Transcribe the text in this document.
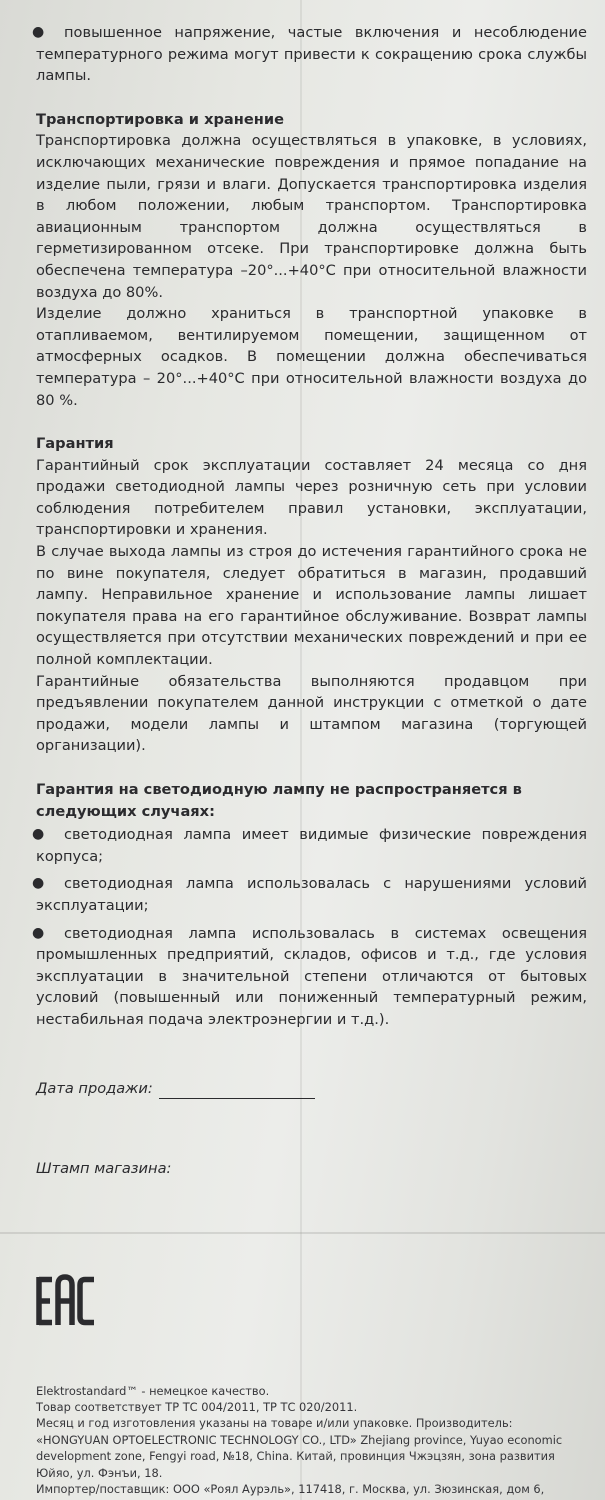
● повышенное напряжение, частые включения и несоблюдение температурного режима могут привести к сокращению срока службы лампы.

Транспортировка и хранение

Транспортировка должна осуществляться в упаковке, в условиях, исключающих механические повреждения и прямое попадание на изделие пыли, грязи и влаги. Допускается транспортировка изделия в любом положении, любым транспортом. Транспортировка авиационным транспортом должна осуществляться в герметизированном отсеке. При транспортировке должна быть обеспечена температура –20°...+40°C при относительной влажности воздуха до 80%.

Изделие должно храниться в транспортной упаковке в отапливаемом, вентилируемом помещении, защищенном от атмосферных осадков. В помещении должна обеспечиваться температура – 20°...+40°C при относительной влажности воздуха до 80 %.

Гарантия

Гарантийный срок эксплуатации составляет 24 месяца со дня продажи светодиодной лампы через розничную сеть при условии соблюдения потребителем правил установки, эксплуатации, транспортировки и хранения.

В случае выхода лампы из строя до истечения гарантийного срока не по вине покупателя, следует обратиться в магазин, продавший лампу. Неправильное хранение и использование лампы лишает покупателя права на его гарантийное обслуживание. Возврат лампы осуществляется при отсутствии механических повреждений и при ее полной комплектации.

Гарантийные обязательства выполняются продавцом при предъявлении покупателем данной инструкции с отметкой о дате продажи, модели лампы и штампом магазина (торгующей организации).

Гарантия на светодиодную лампу не распространяется в следующих случаях:

● светодиодная лампа имеет видимые физические повреждения корпуса;

● светодиодная лампа использовалась с нарушениями условий эксплуатации;

● светодиодная лампа использовалась в системах освещения промышленных предприятий, складов, офисов и т.д., где условия эксплуатации в значительной степени отличаются от бытовых условий (повышенный или пониженный температурный режим, нестабильная подача электроэнергии и т.д.).

Дата продажи:
Штамп магазина:

Elektrostandard™ - немецкое качество.

Товар соответствует ТР ТС 004/2011, ТР ТС 020/2011.

Месяц и год изготовления указаны на товаре и/или упаковке. Производитель: «HONGYUAN OPTOELECTRONIC TECHNOLOGY CO., LTD» Zhejiang province, Yuyao economic development zone, Fengyi road, №18, China. Китай, провинция Чжэцзян, зона развития Юйяо, ул. Фэнъи, 18.

Импортер/поставщик: ООО «Роял Аурэль», 117418, г. Москва, ул. Зюзинская, дом 6,
